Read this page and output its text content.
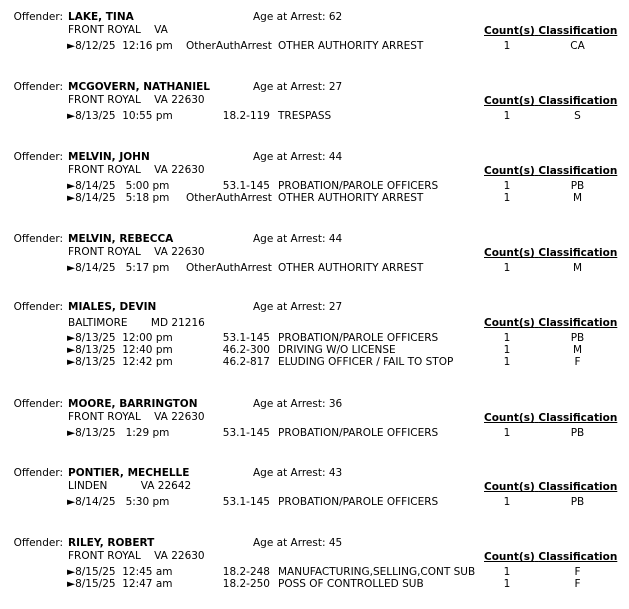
Offender: LAKE, TINA	Age at Arrest: 62
FRONT ROYAL    VA	Count(s) Classification
►8/12/25  12:16 pm OtherAuthArrest OTHER AUTHORITY ARREST	1	CA
Offender: MCGOVERN, NATHANIEL	Age at Arrest: 27
FRONT ROYAL    VA 22630	Count(s) Classification
►8/13/25  10:55 pm	18.2-119 TRESPASS	1	S
Offender: MELVIN, JOHN	Age at Arrest: 44
FRONT ROYAL    VA 22630	Count(s) Classification
►8/14/25   5:00 pm	53.1-145 PROBATION/PAROLE OFFICERS	1	PB
►8/14/25   5:18 pm OtherAuthArrest OTHER AUTHORITY ARREST	1	M
Offender: MELVIN, REBECCA	Age at Arrest: 44
FRONT ROYAL    VA 22630	Count(s) Classification
►8/14/25   5:17 pm OtherAuthArrest OTHER AUTHORITY ARREST	1	M
Offender: MIALES, DEVIN	Age at Arrest: 27
BALTIMORE       MD 21216	Count(s) Classification
►8/13/25  12:00 pm	53.1-145 PROBATION/PAROLE OFFICERS	1	PB
►8/13/25  12:40 pm	46.2-300 DRIVING W/O LICENSE	1	M
►8/13/25  12:42 pm	46.2-817 ELUDING OFFICER / FAIL TO STOP	1	F
Offender: MOORE, BARRINGTON	Age at Arrest: 36
FRONT ROYAL    VA 22630	Count(s) Classification
►8/13/25   1:29 pm	53.1-145 PROBATION/PAROLE OFFICERS	1	PB
Offender: PONTIER, MECHELLE	Age at Arrest: 43
LINDEN          VA 22642	Count(s) Classification
►8/14/25   5:30 pm	53.1-145 PROBATION/PAROLE OFFICERS	1	PB
Offender: RILEY, ROBERT	Age at Arrest: 45
FRONT ROYAL    VA 22630	Count(s) Classification
►8/15/25  12:45 am	18.2-248 MANUFACTURING,SELLING,CONT SUB	1	F
►8/15/25  12:47 am	18.2-250 POSS OF CONTROLLED SUB	1	F
